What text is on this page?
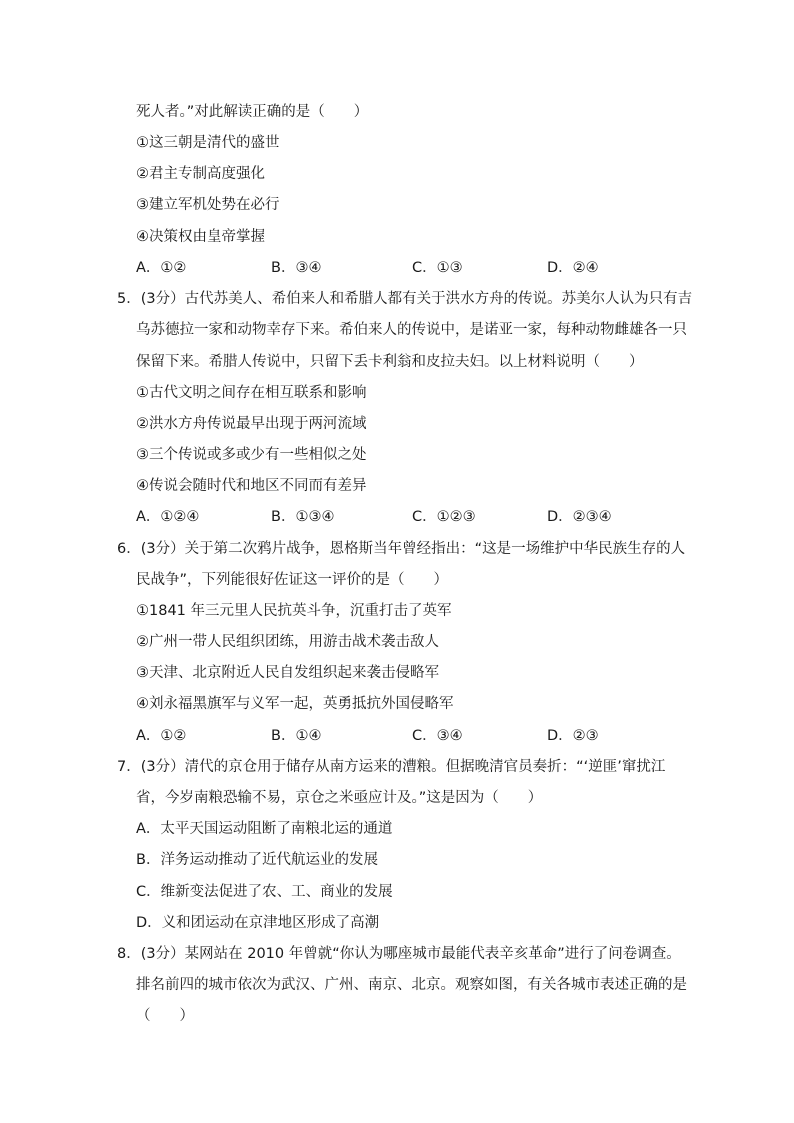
死人者。”对此解读正确的是（　　）
①这三朝是清代的盛世
②君主专制高度强化
③建立军机处势在必行
④决策权由皇帝掌握
A．①②	B．③④	C．①③	D．②④
5．(3分）古代苏美人、希伯来人和希腊人都有关于洪水方舟的传说。苏美尔人认为只有吉
乌苏德拉一家和动物幸存下来。希伯来人的传说中，是诺亚一家，每种动物雌雄各一只
保留下来。希腊人传说中，只留下丢卡利翁和皮拉夫妇。以上材料说明（　　）
①古代文明之间存在相互联系和影响
②洪水方舟传说最早出现于两河流域
③三个传说或多或少有一些相似之处
④传说会随时代和地区不同而有差异
A．①②④	B．①③④	C．①②③	D．②③④
6．(3分）关于第二次鸦片战争，恩格斯当年曾经指出：“这是一场维护中华民族生存的人
民战争”，下列能很好佐证这一评价的是（　　）
①1841 年三元里人民抗英斗争，沉重打击了英军
②广州一带人民组织团练，用游击战术袭击敌人
③天津、北京附近人民自发组织起来袭击侵略军
④刘永福黑旗军与义军一起，英勇抵抗外国侵略军
A．①②	B．①④	C．③④	D．②③
7．(3分）清代的京仓用于储存从南方运来的漕粮。但据晚清官员奏折：“‘逆匪’窜扰江
省，今岁南粮恐输不易，京仓之米亟应计及。”这是因为（　　）
A．太平天国运动阻断了南粮北运的通道
B．洋务运动推动了近代航运业的发展
C．维新变法促进了农、工、商业的发展
D．义和团运动在京津地区形成了高潮
8．(3分）某网站在 2010 年曾就“你认为哪座城市最能代表辛亥革命”进行了问卷调查。
排名前四的城市依次为武汉、广州、南京、北京。观察如图，有关各城市表述正确的是
（　　）
